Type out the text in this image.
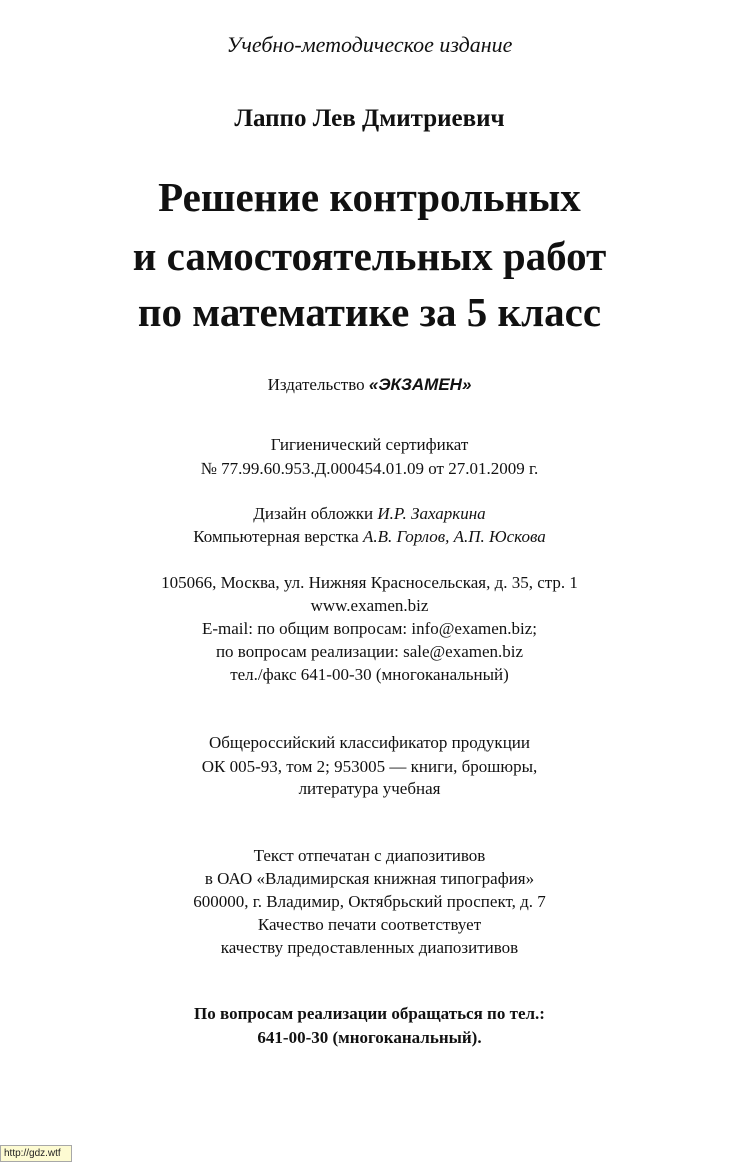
Учебно-методическое издание
Лаппо Лев Дмитриевич
Решение контрольных
и самостоятельных работ
по математике за 5 класс
Издательство «ЭКЗАМЕН»
Гигиенический сертификат
№ 77.99.60.953.Д.000454.01.09 от 27.01.2009 г.
Дизайн обложки И.Р. Захаркина
Компьютерная верстка А.В. Горлов, А.П. Юскова
105066, Москва, ул. Нижняя Красносельская, д. 35, стр. 1
www.examen.biz
E-mail: по общим вопросам: info@examen.biz;
по вопросам реализации: sale@examen.biz
тел./факс 641-00-30 (многоканальный)
Общероссийский классификатор продукции
ОК 005-93, том 2; 953005 — книги, брошюры,
литература учебная
Текст отпечатан с диапозитивов
в ОАО «Владимирская книжная типография»
600000, г. Владимир, Октябрьский проспект, д. 7
Качество печати соответствует
качеству предоставленных диапозитивов
По вопросам реализации обращаться по тел.:
641-00-30 (многоканальный).
http://gdz.wtf
